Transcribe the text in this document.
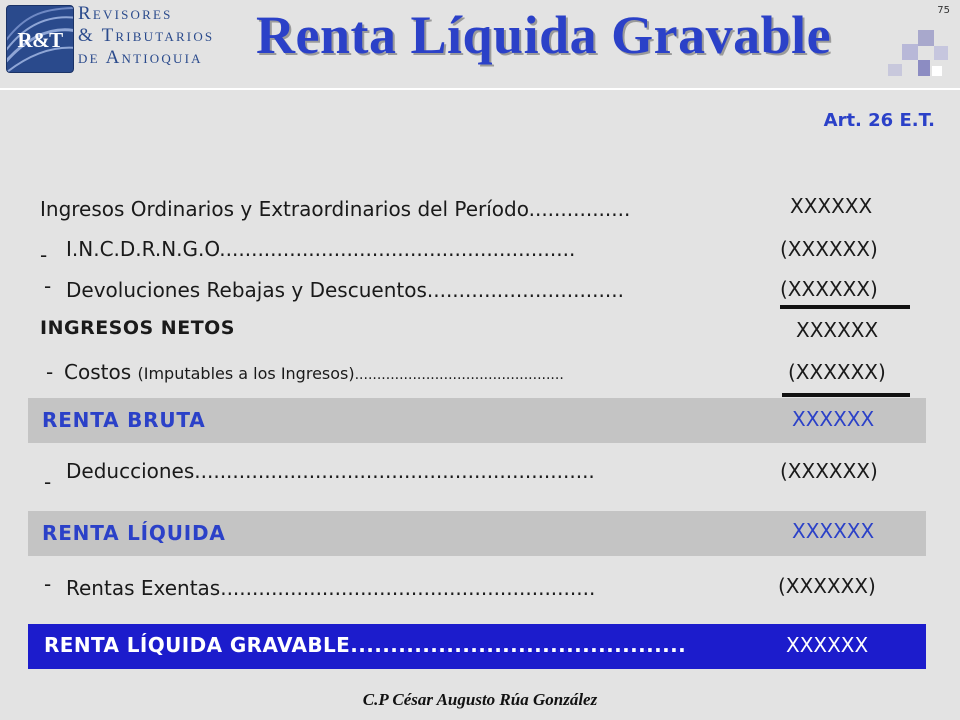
R&T
Revisores
& Tributarios
de Antioquia Renta Líquida Gravable	75
Art. 26 E.T.
Ingresos Ordinarios y Extraordinarios del Período................	XXXXXX
- I.N.C.D.R.N.G.O........................................................	(XXXXXX)
- Devoluciones Rebajas y Descuentos...............................	(XXXXXX)
INGRESOS NETOS	XXXXXX
- Costos (Imputables a los Ingresos)...............................................	(XXXXXX)
RENTA BRUTA	XXXXXX
- Deducciones...............................................................	(XXXXXX)
RENTA LÍQUIDA	XXXXXX
- Rentas Exentas...........................................................	(XXXXXX)
RENTA LÍQUIDA GRAVABLE..........................................	XXXXXX
C.P César Augusto Rúa González
